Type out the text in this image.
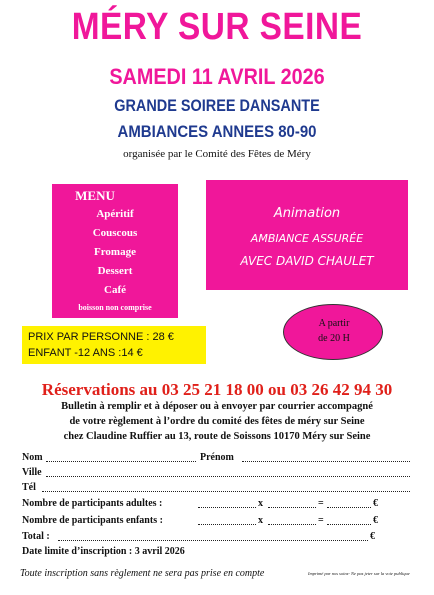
MÉRY SUR SEINE
SAMEDI 11 AVRIL 2026
GRANDE SOIREE DANSANTE
AMBIANCES ANNEES 80-90
organisée par le Comité des Fêtes de Méry
MENU
Apéritif
Couscous
Fromage
Dessert
Café
boisson non comprise
Animation
AMBIANCE ASSURÉE
AVEC DAVID CHAULET
PRIX PAR PERSONNE : 28 €
ENFANT -12 ANS :14 €
A partir
de 20 H
Réservations au 03 25 21 18 00 ou 03 26 42 94 30
Bulletin à remplir et à déposer ou à envoyer par courrier accompagné
de votre règlement à l’ordre du comité des fêtes de méry sur Seine
chez Claudine Ruffier au 13, route de Soissons 10170 Méry sur Seine
Nom	Prénom
Ville
Tél
Nombre de participants adultes :	x	=	€
Nombre de participants enfants :	x	=	€
Total :	€
Date limite d’inscription : 3 avril 2026
Toute inscription sans règlement ne sera pas prise en compte	Imprimé par nos soins- Ne pas jeter sur la voie publique
